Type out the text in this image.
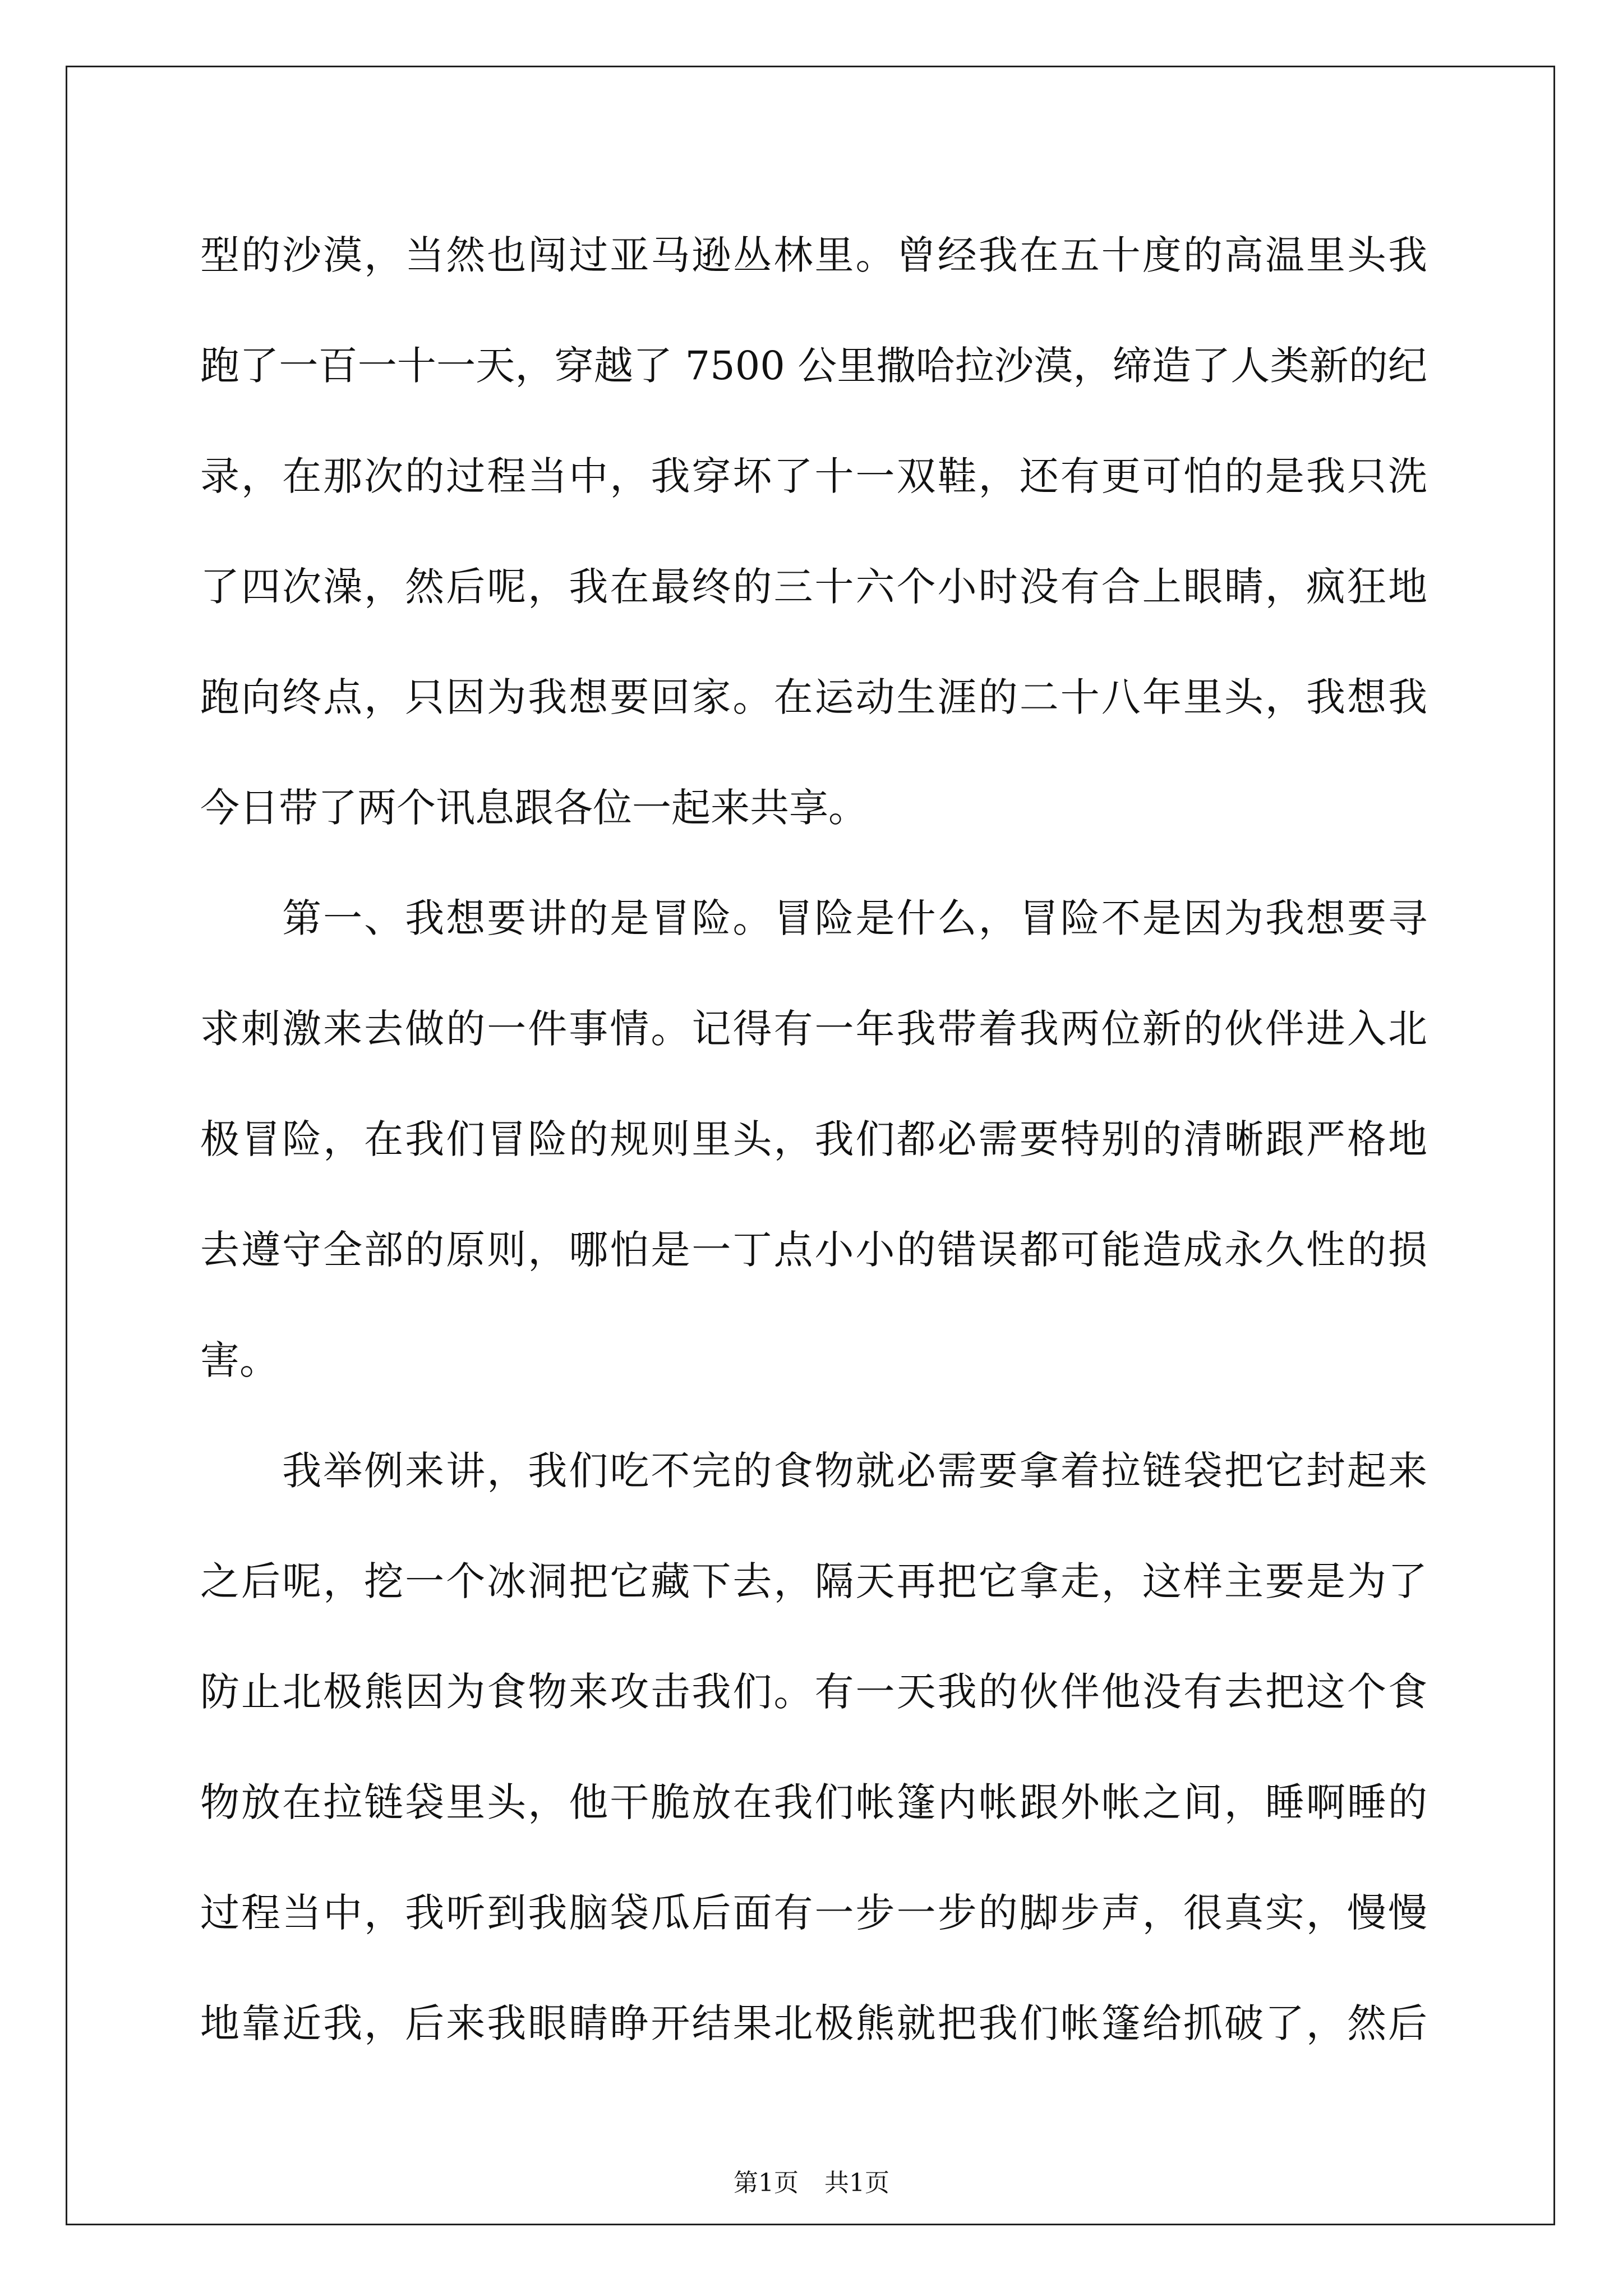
型的沙漠，当然也闯过亚马逊丛林里。曾经我在五十度的高温里头我
跑了一百一十一天，穿越了 7500 公里撒哈拉沙漠，缔造了人类新的纪
录，在那次的过程当中，我穿坏了十一双鞋，还有更可怕的是我只洗
了四次澡，然后呢，我在最终的三十六个小时没有合上眼睛，疯狂地
跑向终点，只因为我想要回家。在运动生涯的二十八年里头，我想我
今日带了两个讯息跟各位一起来共享。
　　第一、我想要讲的是冒险。冒险是什么，冒险不是因为我想要寻
求刺激来去做的一件事情。记得有一年我带着我两位新的伙伴进入北
极冒险，在我们冒险的规则里头，我们都必需要特别的清晰跟严格地
去遵守全部的原则，哪怕是一丁点小小的错误都可能造成永久性的损
害。
　　我举例来讲，我们吃不完的食物就必需要拿着拉链袋把它封起来
之后呢，挖一个冰洞把它藏下去，隔天再把它拿走，这样主要是为了
防止北极熊因为食物来攻击我们。有一天我的伙伴他没有去把这个食
物放在拉链袋里头，他干脆放在我们帐篷内帐跟外帐之间，睡啊睡的
过程当中，我听到我脑袋瓜后面有一步一步的脚步声，很真实，慢慢
地靠近我，后来我眼睛睁开结果北极熊就把我们帐篷给抓破了，然后
第1页 共1页
